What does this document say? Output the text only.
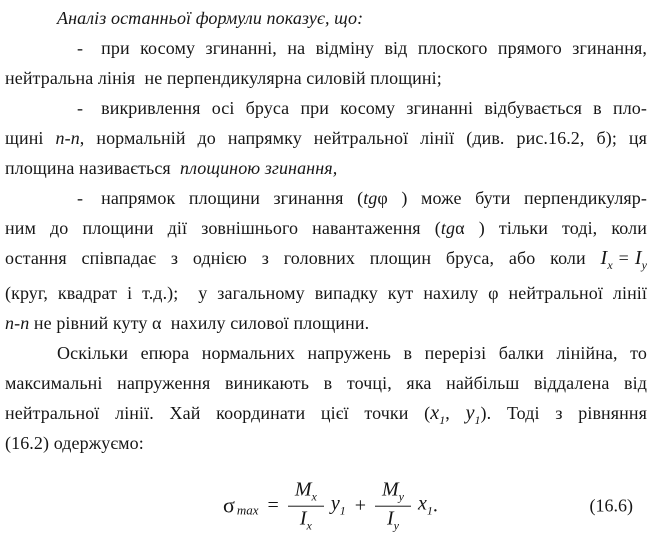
Аналіз останньої формули показує, що:
- при косому згинанні, на відміну від плоского прямого згинання,
нейтральна лінія  не перпендикулярна силовій площині;
- викривлення осі бруса при косому згинанні відбувається в пло-
щині n-n, нормальній до напрямку нейтральної лінії (див. рис.16.2, б); ця
площина називається  площиною згинання,
- напрямок площини згинання (tgφ ) може бути перпендикуляр-
ним до площини дії зовнішнього навантаження (tgα ) тільки тоді, коли
остання співпадає з однією з головних площин бруса, або коли $I_x = I_y$
(круг, квадрат і т.д.);  у загальному випадку кут нахилу φ нейтральної лінії
n-n не рівний куту α  нахилу силової площини.
Оскільки епюра нормальних напружень в перерізі балки лінійна, то
максимальні напруження виникають в точці, яка найбільш віддалена від
нейтральної лінії. Хай координати цієї точки ($x_1$, $y_1$). Тоді з рівняння
(16.2) одержуємо:
σ $\max = \frac{M_x}{I_x} y_1 + \frac{M_y}{I_y} x_1$ .	(16.6)
